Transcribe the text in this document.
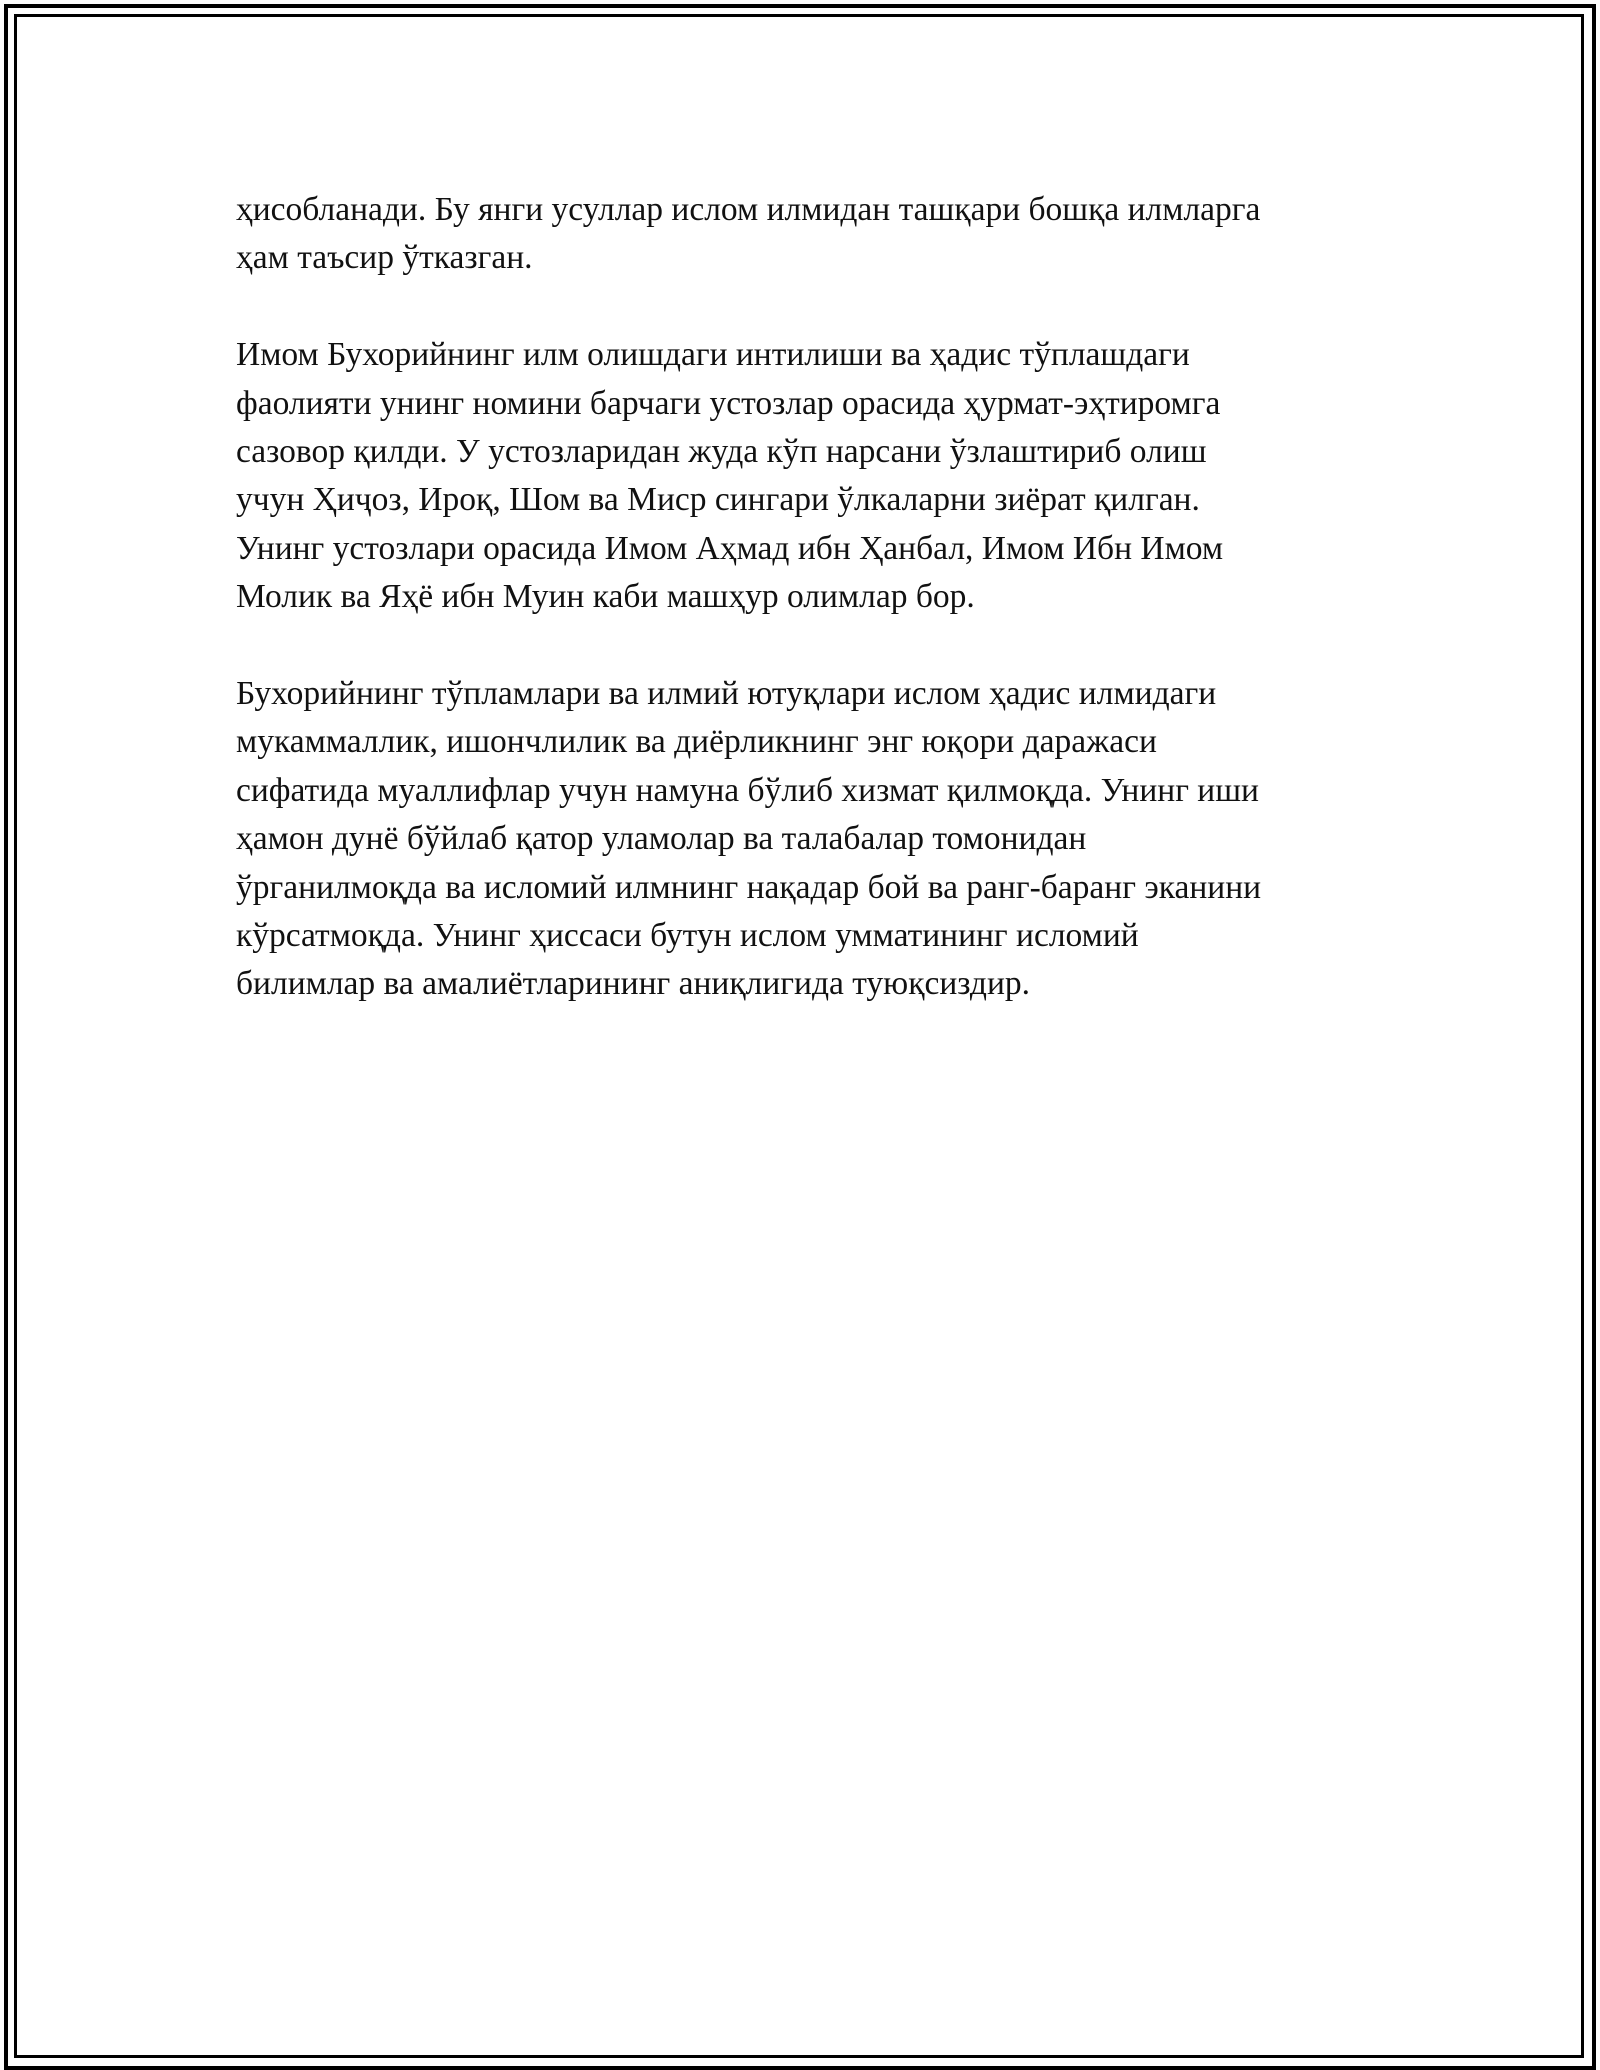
ҳисобланади. Бу янги усуллар ислом илмидан ташқари бошқа илмларга
ҳам таъсир ўтказган.

Имом Бухорийнинг илм олишдаги интилиши ва ҳадис тўплашдаги
фаолияти унинг номини барчаги устозлар орасида ҳурмат-эҳтиромга
сазовор қилди. У устозларидан жуда кўп нарсани ўзлаштириб олиш
учун Ҳиҷоз, Ироқ, Шом ва Миср сингари ўлкаларни зиёрат қилган.
Унинг устозлари орасида Имом Аҳмад ибн Ҳанбал, Имом Ибн Имом
Молик ва Яҳё ибн Муин каби машҳур олимлар бор.

Бухорийнинг тўпламлари ва илмий ютуқлари ислом ҳадис илмидаги
мукаммаллик, ишончлилик ва диёрликнинг энг юқори даражаси
сифатида муаллифлар учун намуна бўлиб хизмат қилмоқда. Унинг иши
ҳамон дунё бўйлаб қатор уламолар ва талабалар томонидан
ўрганилмоқда ва исломий илмнинг нақадар бой ва ранг-баранг эканини
кўрсатмоқда. Унинг ҳиссаси бутун ислом умматининг исломий
билимлар ва амалиётларининг аниқлигида туюқсиздир.
